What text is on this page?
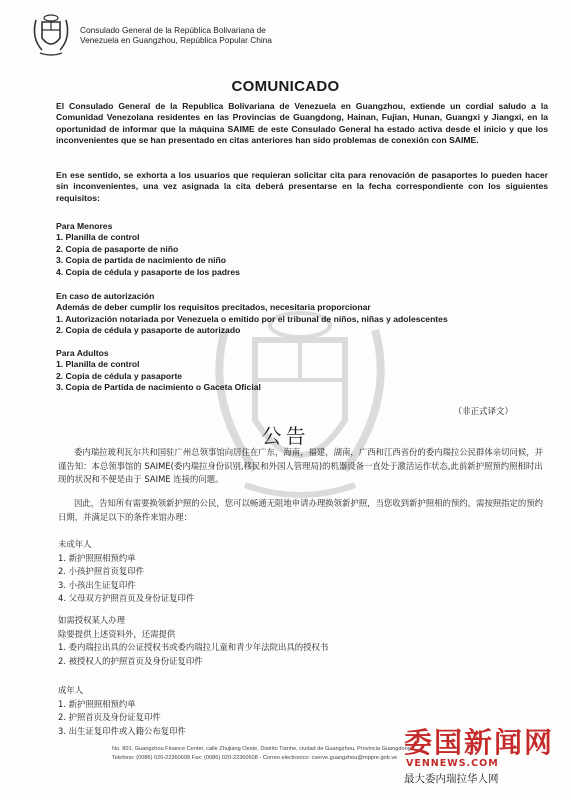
Consulado General de la República Bolivariana de
Venezuela en Guangzhou, República Popular China
COMUNICADO
El Consulado General de la Republica Bolivariana de Venezuela en Guangzhou, extiende un cordial saludo a la Comunidad Venezolana residentes en las Provincias de Guangdong, Hainan, Fujian, Hunan, Guangxi y Jiangxi, en la oportunidad de informar que la máquina SAIME de este Consulado General ha estado activa desde el inicio y que los inconvenientes que se han presentado en citas anteriores han sido problemas de conexión con SAIME.
En ese sentido, se exhorta a los usuarios que requieran solicitar cita para renovación de pasaportes lo pueden hacer sin inconvenientes, una vez asignada la cita deberá presentarse en la fecha correspondiente con los siguientes requisitos:
Para Menores
1. Planilla de control
2. Copia de pasaporte de niño
3. Copia de partida de nacimiento de niño
4. Copia de cédula y pasaporte de los padres
En caso de autorización
Además de deber cumplir los requisitos precitados, necesitaria proporcionar
1. Autorización notariada por Venezuela o emitido por el tribunal de niños, niñas y adolescentes
2. Copia de cédula y pasaporte de autorizado
Para Adultos
1. Planilla de control
2. Copia de cédula y pasaporte
3. Copia de Partida de nacimiento o Gaceta Oficial
（非正式译文）
公告
委内瑞拉玻利瓦尔共和国驻广州总领事馆向居住在广东，海南，福建，湖南，广西和江西省份的委内瑞拉公民群体亲切问候，并谨告知：本总领事馆的 SAIME(委内瑞拉身份识别,移民和外国人管理局)的机器设备一直处于激活运作状态,此前新护照预约照相时出现的状况和不便是由于 SAIME 连接的问题。
因此，告知所有需要换领新护照的公民，您可以畅通无阻地申请办理换领新护照，当您收到新护照相的预约，需按照指定的预约日期，并满足以下的条件来馆办理：
未成年人
1. 新护照照相预约单
2. 小孩护照首页复印件
3. 小孩出生证复印件
4. 父母双方护照首页及身份证复印件
如需授权某人办理
除要提供上述资料外，还需提供
1. 委内瑞拉出具的公证授权书或委内瑞拉儿童和青少年法院出具的授权书
2. 被授权人的护照首页及身份证复印件
成年人
1. 新护照照相预约单
2. 护照首页及身份证复印件
3. 出生证复印件或入籍公布复印件
No. 801, Guangzhou Finance Center, calle Zhujiang Oeste, Distrito Tianhe, ciudad de Guangzhou, Provincia Guangdong
Telefono: (0086) 020-22360608 Fax: (0086) 020-22360608 - Correo electronico: cserve.guangzhou@mppre.gob.ve 委国新闻网
VENNEWS.COM
最大委内瑞拉华人网
